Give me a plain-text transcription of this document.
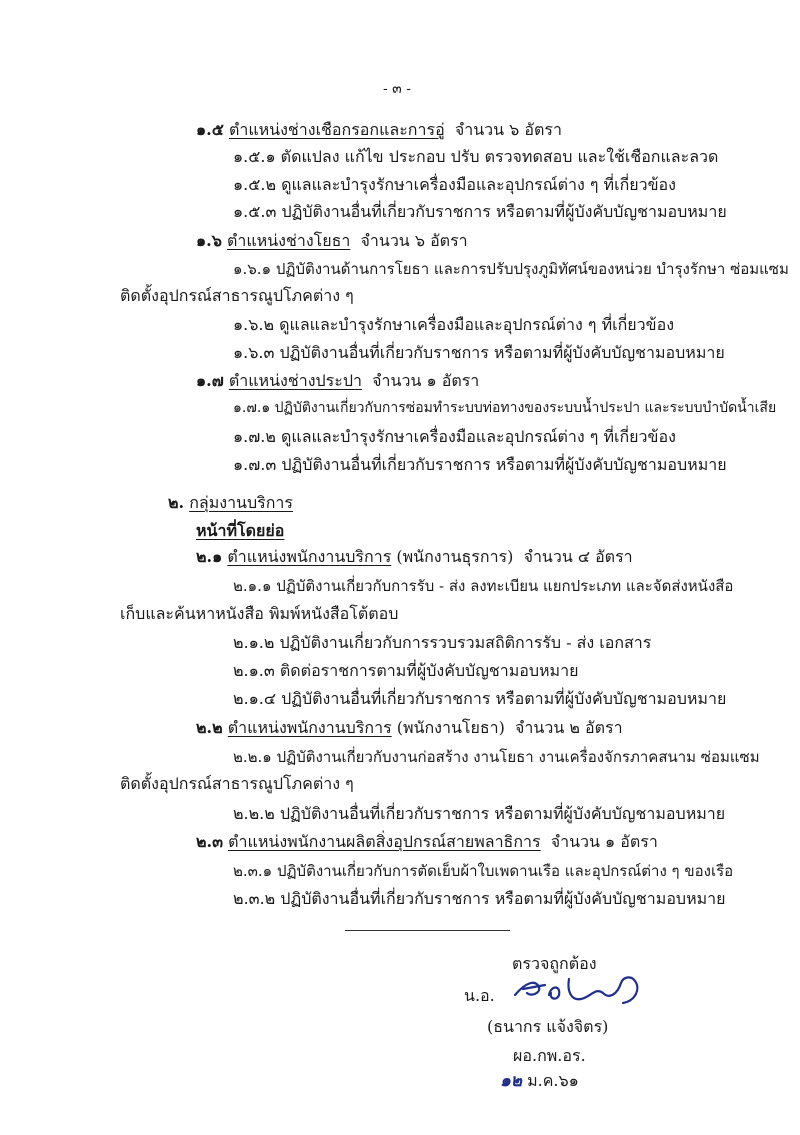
- ๓ -
๑.๕ ตำแหน่งช่างเชือกรอกและการอู่ จำนวน ๖ อัตรา
๑.๕.๑ ตัดแปลง แก้ไข ประกอบ ปรับ ตรวจทดสอบ และใช้เชือกและลวด
๑.๕.๒ ดูแลและบำรุงรักษาเครื่องมือและอุปกรณ์ต่าง ๆ ที่เกี่ยวข้อง
๑.๕.๓ ปฏิบัติงานอื่นที่เกี่ยวกับราชการ หรือตามที่ผู้บังคับบัญชามอบหมาย
๑.๖ ตำแหน่งช่างโยธา จำนวน ๖ อัตรา
๑.๖.๑ ปฏิบัติงานด้านการโยธา และการปรับปรุงภูมิทัศน์ของหน่วย บำรุงรักษา ซ่อมแซม
ติดตั้งอุปกรณ์สาธารณูปโภคต่าง ๆ
๑.๖.๒ ดูแลและบำรุงรักษาเครื่องมือและอุปกรณ์ต่าง ๆ ที่เกี่ยวข้อง
๑.๖.๓ ปฏิบัติงานอื่นที่เกี่ยวกับราชการ หรือตามที่ผู้บังคับบัญชามอบหมาย
๑.๗ ตำแหน่งช่างประปา จำนวน ๑ อัตรา
๑.๗.๑ ปฏิบัติงานเกี่ยวกับการซ่อมทำระบบท่อทางของระบบน้ำประปา และระบบบำบัดน้ำเสีย
๑.๗.๒ ดูแลและบำรุงรักษาเครื่องมือและอุปกรณ์ต่าง ๆ ที่เกี่ยวข้อง
๑.๗.๓ ปฏิบัติงานอื่นที่เกี่ยวกับราชการ หรือตามที่ผู้บังคับบัญชามอบหมาย
๒. กลุ่มงานบริการ
หน้าที่โดยย่อ
๒.๑ ตำแหน่งพนักงานบริการ (พนักงานธุรการ) จำนวน ๔ อัตรา
๒.๑.๑ ปฏิบัติงานเกี่ยวกับการรับ - ส่ง ลงทะเบียน แยกประเภท และจัดส่งหนังสือ
เก็บและค้นหาหนังสือ พิมพ์หนังสือโต้ตอบ
๒.๑.๒ ปฏิบัติงานเกี่ยวกับการรวบรวมสถิติการรับ - ส่ง เอกสาร
๒.๑.๓ ติดต่อราชการตามที่ผู้บังคับบัญชามอบหมาย
๒.๑.๔ ปฏิบัติงานอื่นที่เกี่ยวกับราชการ หรือตามที่ผู้บังคับบัญชามอบหมาย
๒.๒ ตำแหน่งพนักงานบริการ (พนักงานโยธา) จำนวน ๒ อัตรา
๒.๒.๑ ปฏิบัติงานเกี่ยวกับงานก่อสร้าง งานโยธา งานเครื่องจักรภาคสนาม ซ่อมแซม
ติดตั้งอุปกรณ์สาธารณูปโภคต่าง ๆ
๒.๒.๒ ปฏิบัติงานอื่นที่เกี่ยวกับราชการ หรือตามที่ผู้บังคับบัญชามอบหมาย
๒.๓ ตำแหน่งพนักงานผลิตสิ่งอุปกรณ์สายพลาธิการ จำนวน ๑ อัตรา
๒.๓.๑ ปฏิบัติงานเกี่ยวกับการตัดเย็บผ้าใบเพดานเรือ และอุปกรณ์ต่าง ๆ ของเรือ
๒.๓.๒ ปฏิบัติงานอื่นที่เกี่ยวกับราชการ หรือตามที่ผู้บังคับบัญชามอบหมาย
ตรวจถูกต้อง
น.อ.
(ธนากร แจ้งจิตร)
ผอ.กพ.อร.
๑๒ ม.ค.๖๑
